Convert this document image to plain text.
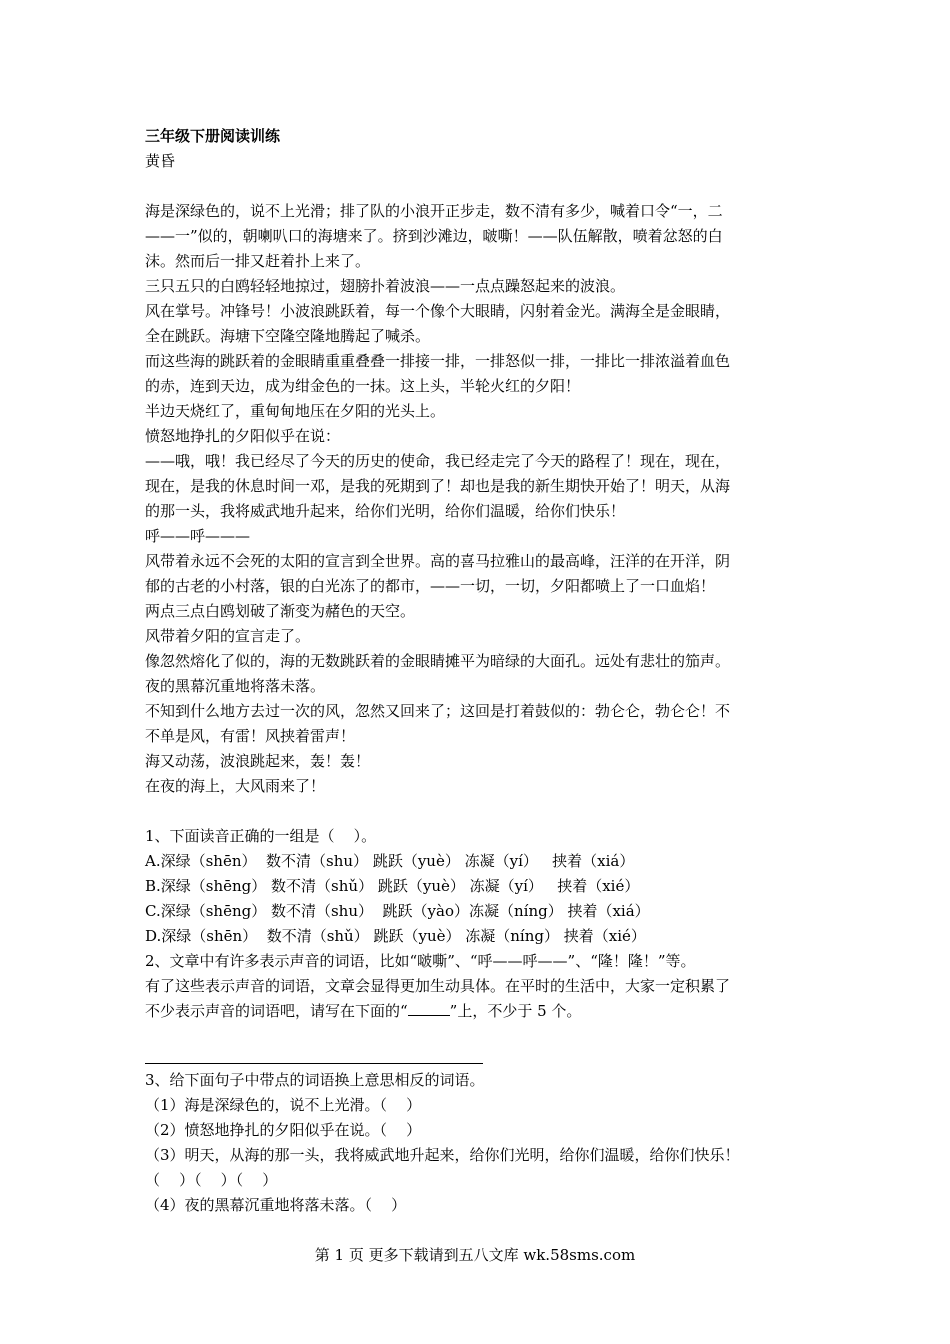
三年级下册阅读训练

黄昏

海是深绿色的，说不上光滑；排了队的小浪开正步走，数不清有多少，喊着口令“一，二

——一”似的，朝喇叭口的海塘来了。挤到沙滩边，啵嘶！——队伍解散，喷着忿怒的白

沫。然而后一排又赶着扑上来了。

三只五只的白鸥轻轻地掠过，翅膀扑着波浪——一点点躁怒起来的波浪。

风在掌号。冲锋号！小波浪跳跃着，每一个像个大眼睛，闪射着金光。满海全是金眼睛，

全在跳跃。海塘下空隆空隆地腾起了喊杀。

而这些海的跳跃着的金眼睛重重叠叠一排接一排，一排怒似一排，一排比一排浓溢着血色

的赤，连到天边，成为绀金色的一抹。这上头，半轮火红的夕阳！

半边天烧红了，重甸甸地压在夕阳的光头上。

愤怒地挣扎的夕阳似乎在说：

——哦，哦！我已经尽了今天的历史的使命，我已经走完了今天的路程了！现在，现在，

现在，是我的休息时间一邓，是我的死期到了！却也是我的新生期快开始了！明天，从海

的那一头，我将威武地升起来，给你们光明，给你们温暖，给你们快乐！

呼——呼———

风带着永远不会死的太阳的宣言到全世界。高的喜马拉雅山的最高峰，汪洋的在开洋，阴

郁的古老的小村落，银的白光冻了的都市，——一切，一切，夕阳都喷上了一口血焰！

两点三点白鸥划破了渐变为赭色的天空。

风带着夕阳的宣言走了。

像忽然熔化了似的，海的无数跳跃着的金眼睛摊平为暗绿的大面孔。远处有悲壮的笳声。

夜的黑幕沉重地将落未落。

不知到什么地方去过一次的风，忽然又回来了；这回是打着鼓似的：勃仑仑，勃仑仑！不

不单是风，有雷！风挟着雷声！

海又动荡，波浪跳起来，轰！轰！

在夜的海上，大风雨来了！

1、下面读音正确的一组是（    ）。

A.深绿（shēn）  数不清（shu） 跳跃（yuè） 冻凝（yí）   挟着（xiá）

B.深绿（shēng） 数不清（shǔ） 跳跃（yuè） 冻凝（yí）   挟着（xié）

C.深绿（shēng） 数不清（shu）  跳跃（yào）冻凝（níng） 挟着（xiá）

D.深绿（shēn）  数不清（shǔ） 跳跃（yuè） 冻凝（níng） 挟着（xié）

2、文章中有许多表示声音的词语，比如“啵嘶”、“呼——呼——”、“隆！隆！”等。

有了这些表示声音的词语，文章会显得更加生动具体。在平时的生活中，大家一定积累了

不少表示声音的词语吧，请写在下面的“	”上，不少于 5 个。

3、给下面句子中带点的词语换上意思相反的词语。

（1）海是深绿色的，说不上光滑。（    ）

（2）愤怒地挣扎的夕阳似乎在说。（    ）

（3）明天，从海的那一头，我将威武地升起来，给你们光明，给你们温暖，给你们快乐！

（    ）（    ）（    ）

（4）夜的黑幕沉重地将落未落。（    ）

第 1 页 更多下载请到五八文库 wk.58sms.com
